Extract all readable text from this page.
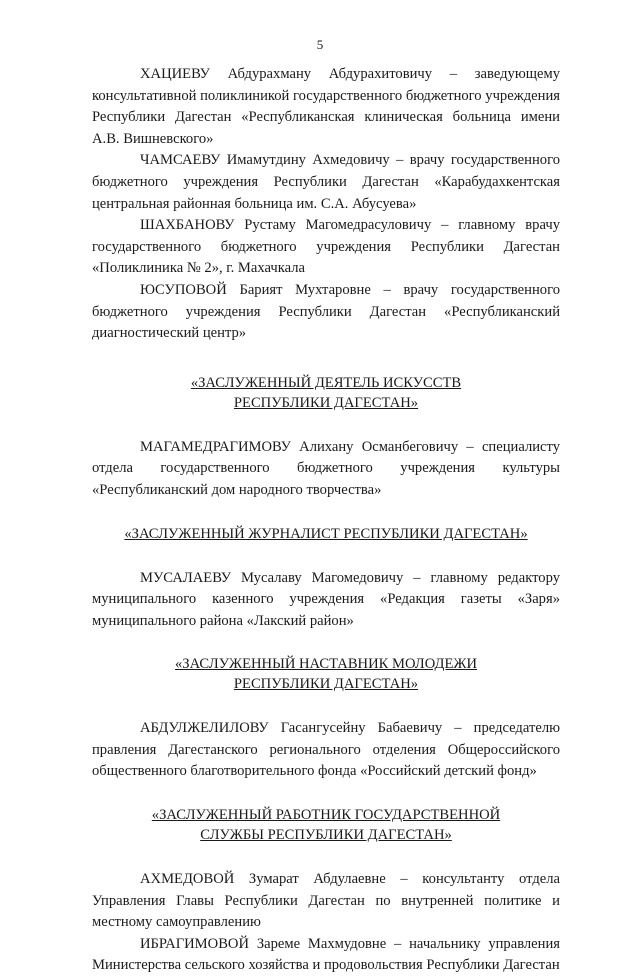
5

ХАЦИЕВУ Абдурахману Абдурахитовичу – заведующему консультативной поликлиникой государственного бюджетного учреждения Республики Дагестан «Республиканская клиническая больница имени А.В. Вишневского»

ЧАМСАЕВУ Имамутдину Ахмедовичу – врачу государственного бюджетного учреждения Республики Дагестан «Карабудахкентская центральная районная больница им. С.А. Абусуева»

ШАХБАНОВУ Рустаму Магомедрасуловичу – главному врачу государственного бюджетного учреждения Республики Дагестан «Поликлиника № 2», г. Махачкала

ЮСУПОВОЙ Барият Мухтаровне – врачу государственного бюджетного учреждения Республики Дагестан «Республиканский диагностический центр»

«ЗАСЛУЖЕННЫЙ ДЕЯТЕЛЬ ИСКУССТВ
РЕСПУБЛИКИ ДАГЕСТАН»

МАГАМЕДРАГИМОВУ Алихану Османбеговичу – специалисту отдела государственного бюджетного учреждения культуры «Республиканский дом народного творчества»

«ЗАСЛУЖЕННЫЙ ЖУРНАЛИСТ РЕСПУБЛИКИ ДАГЕСТАН»

МУСАЛАЕВУ Мусалаву Магомедовичу – главному редактору муниципального казенного учреждения «Редакция газеты «Заря» муниципального района «Лакский район»

«ЗАСЛУЖЕННЫЙ НАСТАВНИК МОЛОДЕЖИ
РЕСПУБЛИКИ ДАГЕСТАН»

АБДУЛЖЕЛИЛОВУ Гасангусейну Бабаевичу – председателю правления Дагестанского регионального отделения Общероссийского общественного благотворительного фонда «Российский детский фонд»

«ЗАСЛУЖЕННЫЙ РАБОТНИК ГОСУДАРСТВЕННОЙ
СЛУЖБЫ РЕСПУБЛИКИ ДАГЕСТАН»

АХМЕДОВОЙ Зумарат Абдулаевне – консультанту отдела Управления Главы Республики Дагестан по внутренней политике и местному самоуправлению

ИБРАГИМОВОЙ Зареме Махмудовне – начальнику управления Министерства сельского хозяйства и продовольствия Республики Дагестан
